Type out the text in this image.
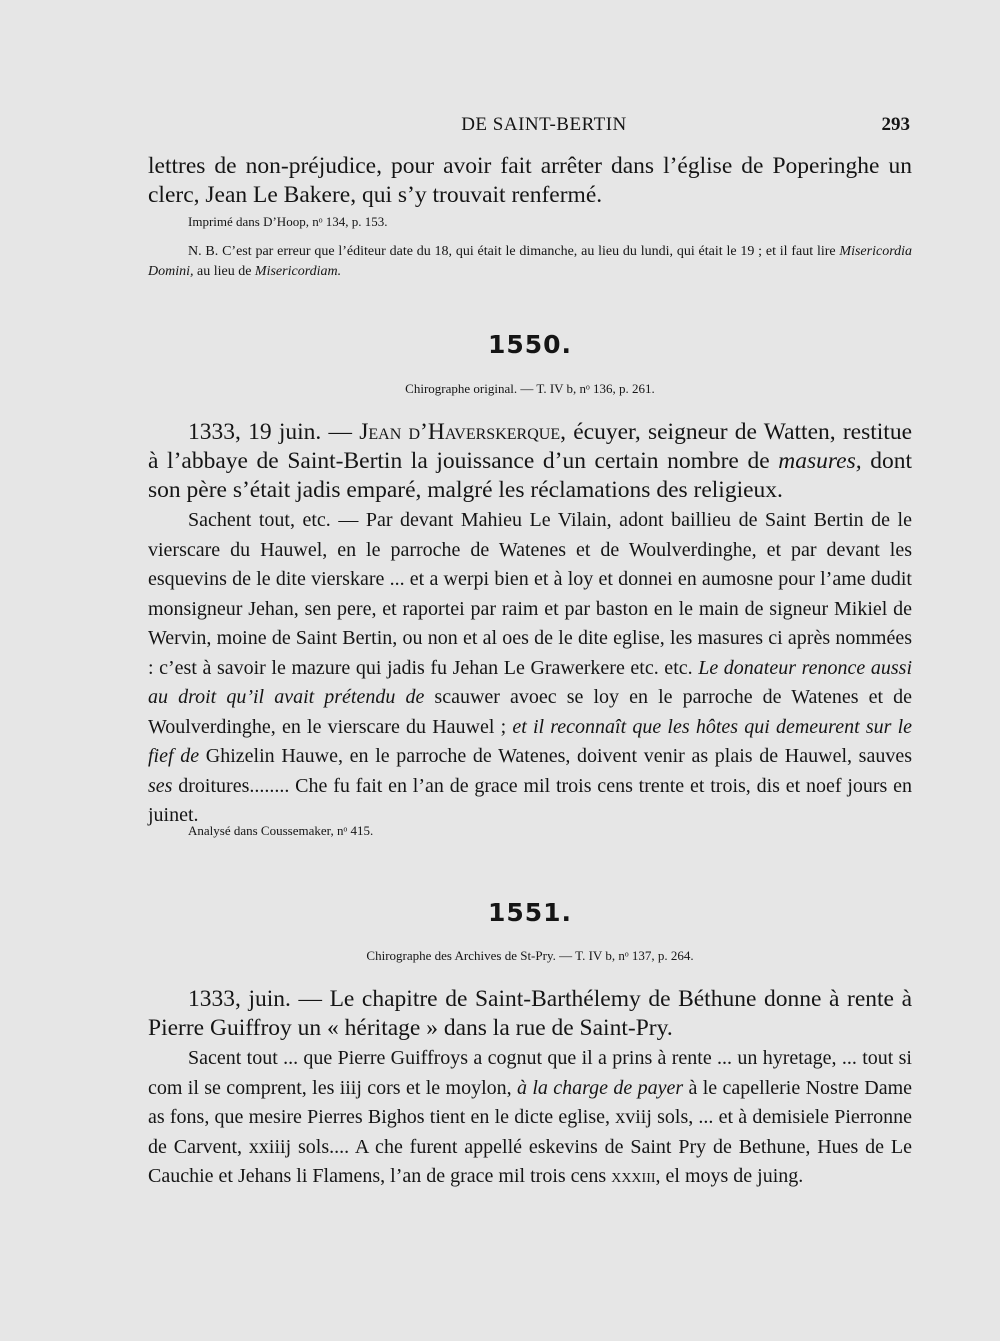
DE SAINT-BERTIN	293
lettres de non-préjudice, pour avoir fait arrêter dans l’église de Poperinghe un clerc, Jean Le Bakere, qui s’y trouvait renfermé.
Imprimé dans D’Hoop, nᵒ 134, p. 153.
N. B. C’est par erreur que l’éditeur date du 18, qui était le dimanche, au lieu du lundi, qui était le 19 ; et il faut lire Misericordia Domini, au lieu de Misericordiam.
1550.
Chirographe original. — T. IV b, nᵒ 136, p. 261.
1333, 19 juin. — Jean d’Haverskerque, écuyer, seigneur de Watten, restitue à l’abbaye de Saint-Bertin la jouissance d’un certain nombre de masures, dont son père s’était jadis emparé, malgré les réclamations des religieux.
Sachent tout, etc. — Par devant Mahieu Le Vilain, adont baillieu de Saint Bertin de le vierscare du Hauwel, en le parroche de Watenes et de Woulverdinghe, et par devant les esquevins de le dite vierskare ... et a werpi bien et à loy et donnei en aumosne pour l’ame dudit monsigneur Jehan, sen pere, et raportei par raim et par baston en le main de signeur Mikiel de Wervin, moine de Saint Bertin, ou non et al oes de le dite eglise, les masures ci après nommées : c’est à savoir le mazure qui jadis fu Jehan Le Grawerkere etc. etc. Le donateur renonce aussi au droit qu’il avait prétendu de scauwer avoec se loy en le parroche de Watenes et de Woulverdinghe, en le vierscare du Hauwel ; et il reconnaît que les hôtes qui demeurent sur le fief de Ghizelin Hauwe, en le parroche de Watenes, doivent venir as plais de Hauwel, sauves ses droitures........ Che fu fait en l’an de grace mil trois cens trente et trois, dis et noef jours en juinet.
Analysé dans Coussemaker, nᵒ 415.
1551.
Chirographe des Archives de St-Pry. — T. IV b, nᵒ 137, p. 264.
1333, juin. — Le chapitre de Saint-Barthélemy de Béthune donne à rente à Pierre Guiffroy un « héritage » dans la rue de Saint-Pry.
Sacent tout ... que Pierre Guiffroys a cognut que il a prins à rente ... un hyretage, ... tout si com il se comprent, les iiij cors et le moylon, à la charge de payer à le capellerie Nostre Dame as fons, que mesire Pierres Bighos tient en le dicte eglise, xviij sols, ... et à demisiele Pierronne de Carvent, xxiiij sols.... A che furent appellé eskevins de Saint Pry de Bethune, Hues de Le Cauchie et Jehans li Flamens, l’an de grace mil trois cens xxxiii, el moys de juing.
